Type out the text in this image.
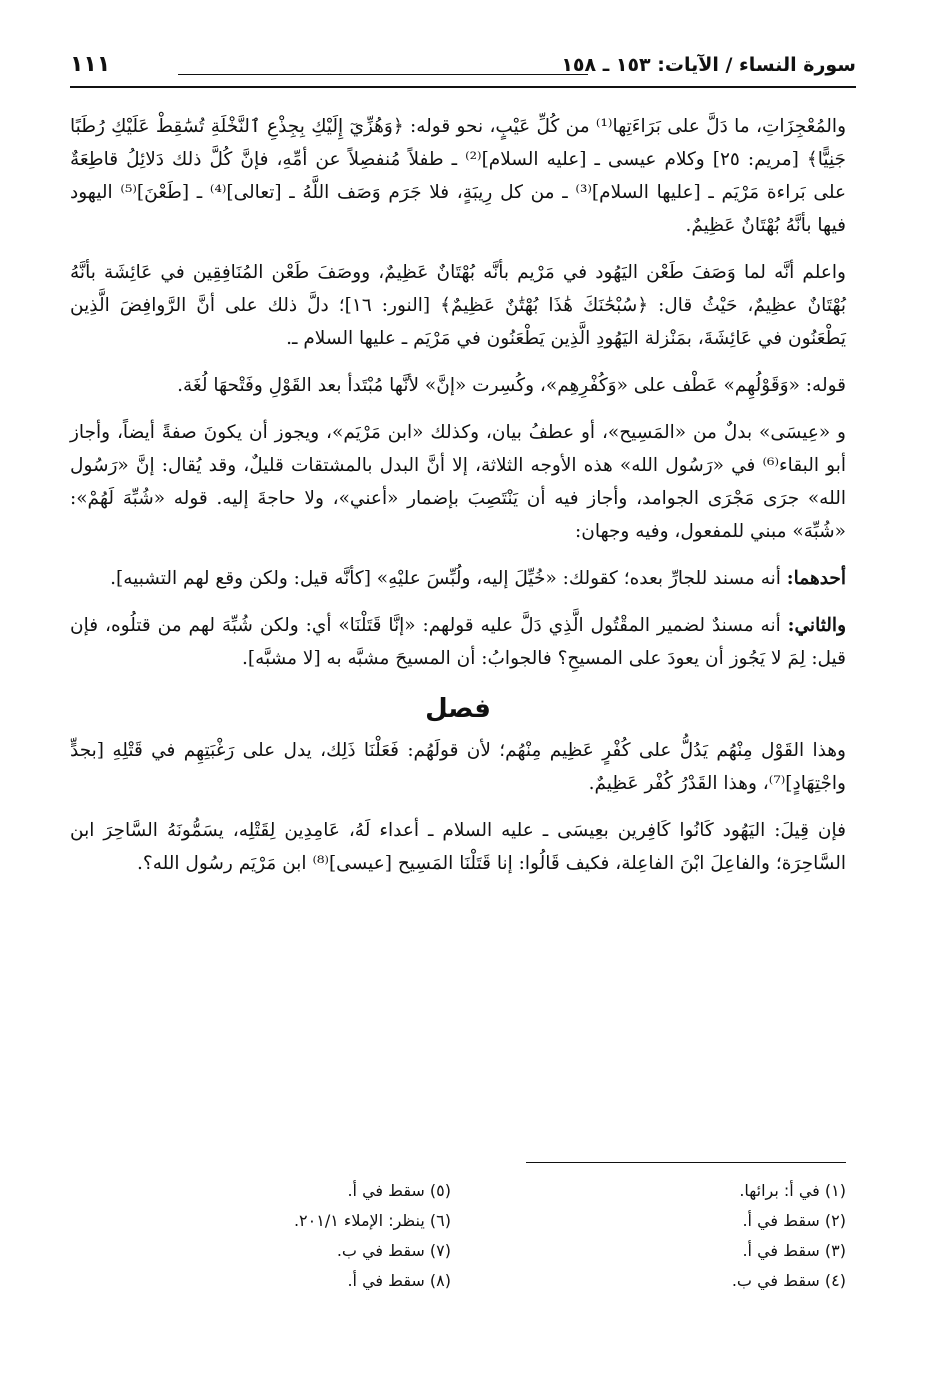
سورة النساء / الآيات: ١٥٣ ـ ١٥٨
١١١

والمُعْجِزَاتِ، ما دَلَّ على بَرَاءَتِها⁽¹⁾ من كُلِّ عَيْبٍ، نحو قوله: ﴿وَهُزِّيٓ إِلَيْكِ بِجِذْعِ ٱلنَّخْلَةِ تُسَٰقِطْ عَلَيْكِ رُطَبًا جَنِيًّا﴾ [مريم: ٢٥] وكلام عيسى ـ [عليه السلام]⁽²⁾ ـ طفلاً مُنفصِلاً عن أمِّهِ، فإنَّ كُلَّ ذلك دَلائِلُ قاطِعَةٌ على بَراءة مَرْيَم ـ [عليها السلام]⁽³⁾ ـ من كل رِيبَةٍ، فلا جَرَم وَصَف اللَّهُ ـ [تعالى]⁽⁴⁾ ـ [طَعْنَ]⁽⁵⁾ اليهود فيها بأنَّهُ بُهْتَانٌ عَظِيمٌ.

واعلم أنَّه لما وَصَفَ طَعْن اليَهُود في مَرْيم بأنَّه بُهْتَانٌ عَظِيمٌ، ووصَفَ طَعْن المُنَافِقِين في عَائِشَة بأنَّهُ بُهْتَانٌ عظِيمٌ، حَيْثُ قال: ﴿سُبْحَٰنَكَ هَٰذَا بُهْتَٰنٌ عَظِيمٌ﴾ [النور: ١٦]؛ دلَّ ذلك على أنَّ الرَّوافِضَ الَّذِين يَطْعَنُون في عَائِشَةَ، بمَنْزلة اليَهُودِ الَّذِين يَطْعَنُون في مَرْيَم ـ عليها السلام ـ.

قوله: «وَقَوْلُهِم» عَطْف على «وَكُفْرِهِم»، وكُسِرت «إنَّ» لأنَّها مُبْتَدأ بعد القَوْلِ وفَتْحهَا لُغَة.

و «عِيسَى» بدلٌ من «المَسِيح»، أو عطفُ بيان، وكذلك «ابن مَرْيَم»، ويجوز أن يكونَ صفةً أيضاً، وأجاز أبو البقاء⁽⁶⁾ في «رَسُول الله» هذه الأوجه الثلاثة، إلا أنَّ البدل بالمشتقات قليلٌ، وقد يُقال: إنَّ «رَسُول الله» جرَى مَجْرَى الجوامد، وأجاز فيه أن يَنْتَصِبَ بإضمار «أعني»، ولا حاجةَ إليه. قوله «شُبِّهَ لَهُمْ»: «شُبِّهَ» مبني للمفعول، وفيه وجهان:

أحدهما: أنه مسند للجارِّ بعده؛ كقولك: «خُيِّلَ إليه، ولُبِّسَ عليْهِ» [كأنَّه قيل: ولكن وقع لهم التشبيه].

والثاني: أنه مسندٌ لضمير المقْتُول الَّذِي دَلَّ عليه قولهم: «إنَّا قَتَلْنَا» أي: ولكن شُبِّهَ لهم من قتلُوه، فإن قيل: لِمَ لا يَجُوز أن يعودَ على المسيحِ؟ فالجوابُ: أن المسيحَ مشبَّه به [لا مشبَّه].

فصل

وهذا القَوْل مِنْهُم يَدُلُّ على كُفْرٍ عَظِيم مِنْهُم؛ لأن قولَهُم: فَعَلْنَا ذَلِك، يدل على رَغْبَتِهِم في قَتْلِهِ [بجدٍّ واجْتِهَادٍ]⁽⁷⁾، وهذا القَدْرُ كُفْر عَظِيمٌ.

فإن قِيلَ: اليَهُود كَانُوا كَافِرين بعِيسَى ـ عليه السلام ـ أعداء لَهُ، عَامِدِين لِقَتْلِه، يسَمُّونَهُ السَّاحِرَ ابن السَّاحِرَة؛ والفاعِلَ ابْنَ الفاعِلة، فكيف قَالُوا: إنا قَتَلْنَا المَسِيح [عيسى]⁽⁸⁾ ابن مَرْيَم رسُول الله؟.

(١) في أ: برائها.
(٢) سقط في أ.
(٣) سقط في أ.
(٤) سقط في ب.
(٥) سقط في أ.
(٦) ينظر: الإملاء ٢٠١/١.
(٧) سقط في ب.
(٨) سقط في أ.
